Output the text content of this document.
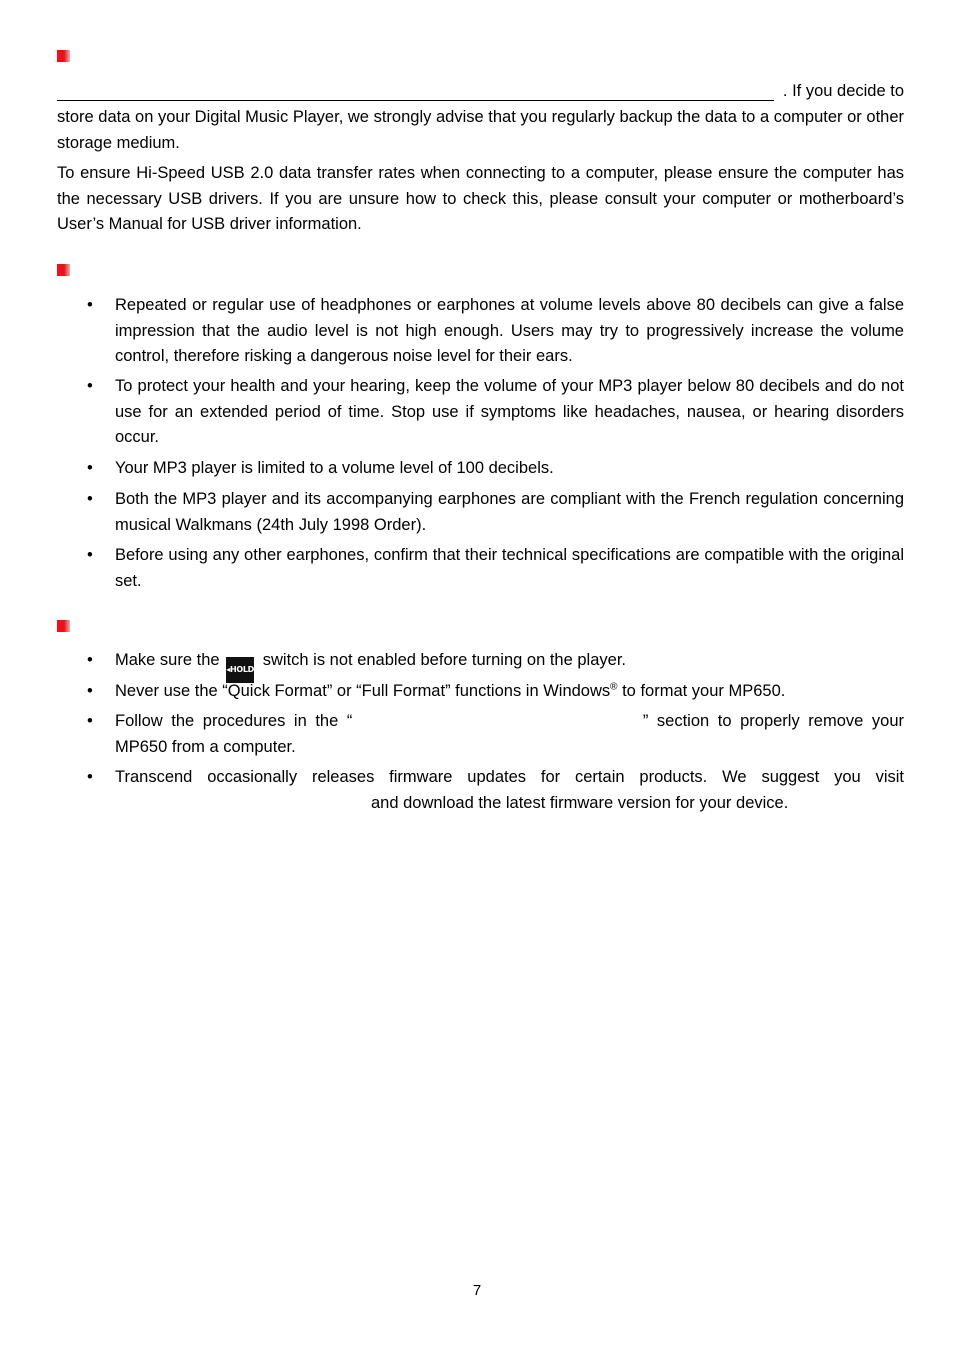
. If you decide to

store data on your Digital Music Player, we strongly advise that you regularly backup the data to a computer or other storage medium.

To ensure Hi-Speed USB 2.0 data transfer rates when connecting to a computer, please ensure the computer has the necessary USB drivers. If you are unsure how to check this, please consult your computer or motherboard’s User’s Manual for USB driver information.

• Repeated or regular use of headphones or earphones at volume levels above 80 decibels can give a false impression that the audio level is not high enough. Users may try to progressively increase the volume control, therefore risking a dangerous noise level for their ears.

• To protect your health and your hearing, keep the volume of your MP3 player below 80 decibels and do not use for an extended period of time. Stop use if symptoms like headaches, nausea, or hearing disorders occur.

• Your MP3 player is limited to a volume level of 100 decibels.

• Both the MP3 player and its accompanying earphones are compliant with the French regulation concerning musical Walkmans (24th July 1998 Order).

• Before using any other earphones, confirm that their technical specifications are compatible with the original set.

• Make sure the ◂HOLD switch is not enabled before turning on the player.

• Never use the “Quick Format” or “Full Format” functions in Windows® to format your MP650.

• Follow the procedures in the “	” section to properly remove your
MP650 from a computer.

• Transcend occasionally releases firmware updates for certain products. We suggest you visit

and download the latest firmware version for your device.

7
